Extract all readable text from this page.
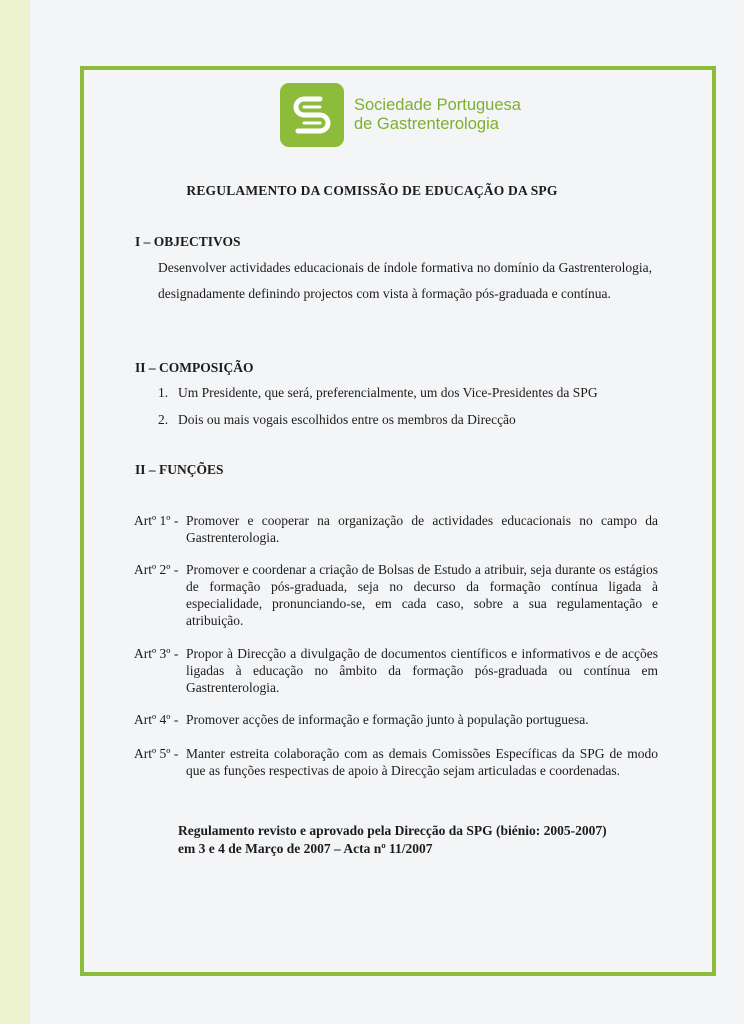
Sociedade Portuguesa
de Gastrenterologia
REGULAMENTO DA COMISSÃO DE EDUCAÇÃO DA SPG
I – OBJECTIVOS
Desenvolver actividades educacionais de índole formativa no domínio da Gastrenterologia, designadamente definindo projectos com vista à formação pós-graduada e contínua.
II – COMPOSIÇÃO
1. Um Presidente, que será, preferencialmente, um dos Vice-Presidentes da SPG
2. Dois ou mais vogais escolhidos entre os membros da Direcção
II – FUNÇÕES
Artº 1º - Promover e cooperar na organização de actividades educacionais no campo da Gastrenterologia.
Artº 2º - Promover e coordenar a criação de Bolsas de Estudo a atribuir, seja durante os estágios de formação pós-graduada, seja no decurso da formação contínua ligada à especialidade, pronunciando-se, em cada caso, sobre a sua regulamentação e atribuição.
Artº 3º - Propor à Direcção a divulgação de documentos científicos e informativos e de acções ligadas à educação no âmbito da formação pós-graduada ou contínua em Gastrenterologia.
Artº 4º - Promover acções de informação e formação junto à população portuguesa.
Artº 5º - Manter estreita colaboração com as demais Comissões Específicas da SPG de modo que as funções respectivas de apoio à Direcção sejam articuladas e coordenadas.
Regulamento revisto e aprovado pela Direcção da SPG (biénio: 2005-2007)
em 3 e 4 de Março de 2007 – Acta nº 11/2007
